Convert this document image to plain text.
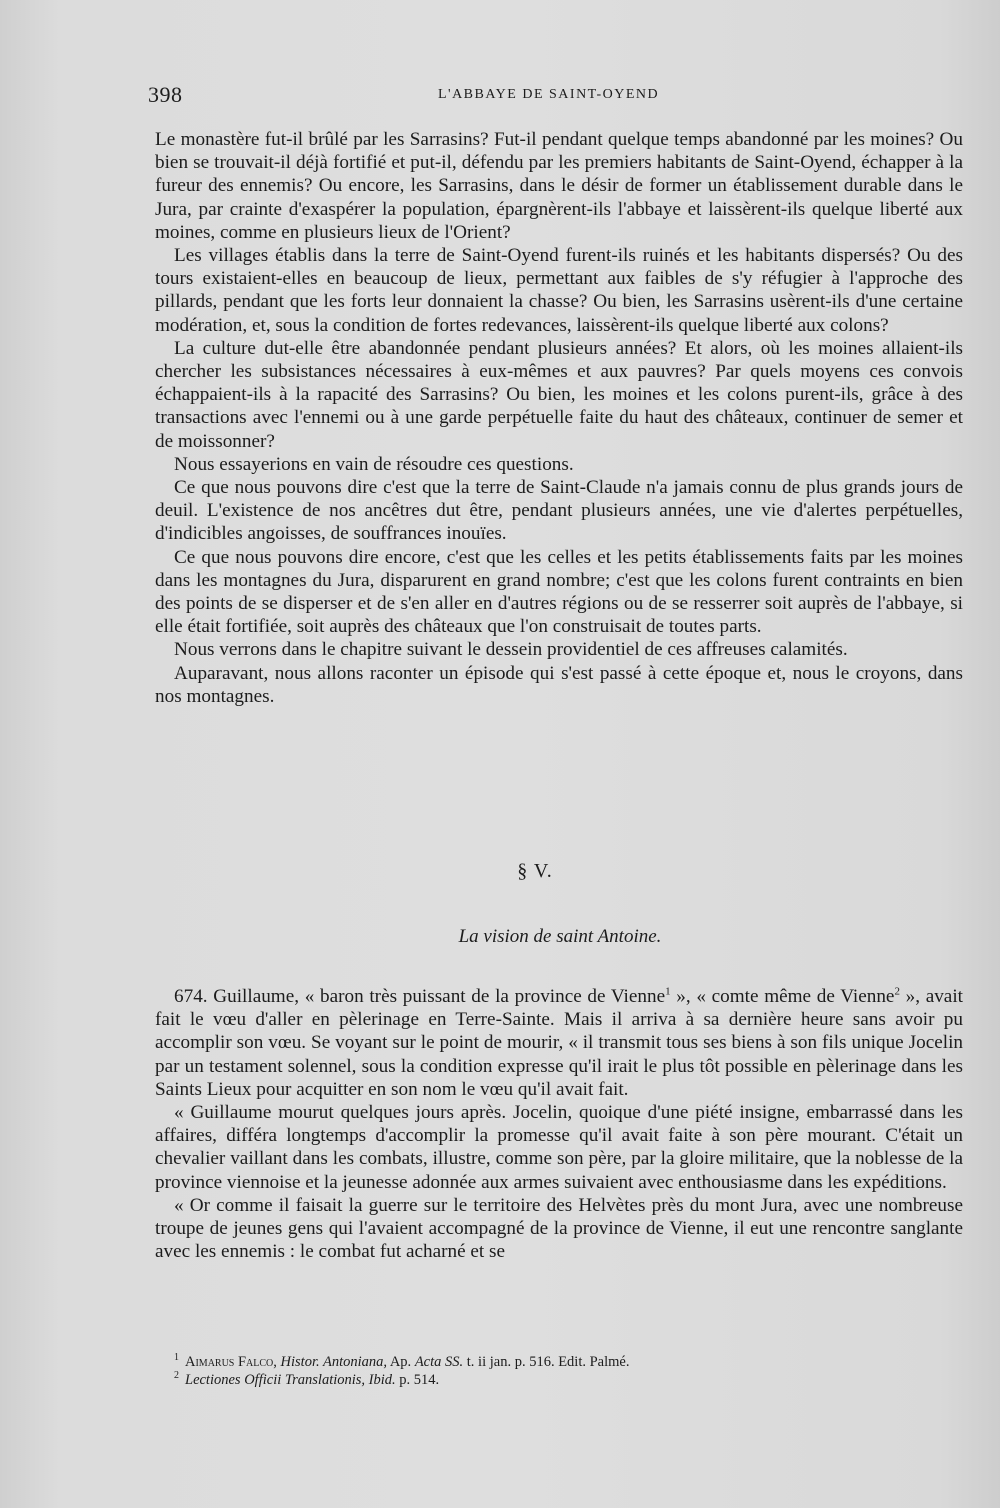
398	L'ABBAYE DE SAINT-OYEND

Le monastère fut-il brûlé par les Sarrasins? Fut-il pendant quelque temps abandonné par les moines? Ou bien se trouvait-il déjà fortifié et put-il, défendu par les premiers habitants de Saint-Oyend, échapper à la fureur des ennemis? Ou encore, les Sarrasins, dans le désir de former un établissement durable dans le Jura, par crainte d'exaspérer la population, épargnèrent-ils l'abbaye et laissèrent-ils quelque liberté aux moines, comme en plusieurs lieux de l'Orient?

Les villages établis dans la terre de Saint-Oyend furent-ils ruinés et les habitants dispersés? Ou des tours existaient-elles en beaucoup de lieux, permettant aux faibles de s'y réfugier à l'approche des pillards, pendant que les forts leur donnaient la chasse? Ou bien, les Sarrasins usèrent-ils d'une certaine modération, et, sous la condition de fortes redevances, laissèrent-ils quelque liberté aux colons?

La culture dut-elle être abandonnée pendant plusieurs années? Et alors, où les moines allaient-ils chercher les subsistances nécessaires à eux-mêmes et aux pauvres? Par quels moyens ces convois échappaient-ils à la rapacité des Sarrasins? Ou bien, les moines et les colons purent-ils, grâce à des transactions avec l'ennemi ou à une garde perpétuelle faite du haut des châteaux, continuer de semer et de moissonner?

Nous essayerions en vain de résoudre ces questions.

Ce que nous pouvons dire c'est que la terre de Saint-Claude n'a jamais connu de plus grands jours de deuil. L'existence de nos ancêtres dut être, pendant plusieurs années, une vie d'alertes perpétuelles, d'indicibles angoisses, de souffrances inouïes.

Ce que nous pouvons dire encore, c'est que les celles et les petits établissements faits par les moines dans les montagnes du Jura, disparurent en grand nombre; c'est que les colons furent contraints en bien des points de se disperser et de s'en aller en d'autres régions ou de se resserrer soit auprès de l'abbaye, si elle était fortifiée, soit auprès des châteaux que l'on construisait de toutes parts.

Nous verrons dans le chapitre suivant le dessein providentiel de ces affreuses calamités.

Auparavant, nous allons raconter un épisode qui s'est passé à cette époque et, nous le croyons, dans nos montagnes.

§ V.
La vision de saint Antoine.

674. Guillaume, « baron très puissant de la province de Vienne$^1$ », « comte même de Vienne$^2$ », avait fait le vœu d'aller en pèlerinage en Terre-Sainte. Mais il arriva à sa dernière heure sans avoir pu accomplir son vœu. Se voyant sur le point de mourir, « il transmit tous ses biens à son fils unique Jocelin par un testament solennel, sous la condition expresse qu'il irait le plus tôt possible en pèlerinage dans les Saints Lieux pour acquitter en son nom le vœu qu'il avait fait.

« Guillaume mourut quelques jours après. Jocelin, quoique d'une piété insigne, embarrassé dans les affaires, différa longtemps d'accomplir la promesse qu'il avait faite à son père mourant. C'était un chevalier vaillant dans les combats, illustre, comme son père, par la gloire militaire, que la noblesse de la province viennoise et la jeunesse adonnée aux armes suivaient avec enthousiasme dans les expéditions.

« Or comme il faisait la guerre sur le territoire des Helvètes près du mont Jura, avec une nombreuse troupe de jeunes gens qui l'avaient accompagné de la province de Vienne, il eut une rencontre sanglante avec les ennemis : le combat fut acharné et se

$^1$ Aimarus Falco, Histor. Antoniana, Ap. Acta SS. t. ii jan. p. 516. Edit. Palmé.
$^2$ Lectiones Officii Translationis, Ibid. p. 514.
